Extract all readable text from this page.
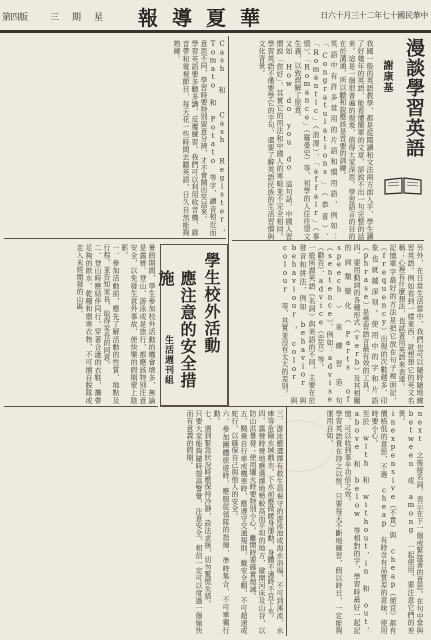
第四版 三　期　星 報導夏華	日六十月三十二年七十國民華中
漫談學習英語
謝康基

我國一般的英語教學，都是從閱讀和文法兩方面入手，學生讀了好幾年的英語，能看懂簡單的文章，卻說不出一句完整的話來。這是一個很普遍的現象，值得大家深思。學習語言的目的在於溝通，所以聽和說應該是首要的訓練。

英語中有許多常用的片語和慣用語，例如：「Congratulations」（恭喜）、「Romantic」（浪漫）、「affair」（事情）、「Romance」（羅曼史）等，初學的人往往望文生義，以致誤解了原意。

又如 How do you do 這句話，中國人習慣說「您好」，其實它的用法和中國人的寒暄並不完全相同。學習英語不僅要學它的字句，還要了解英語民族的生活習慣與文化背景。

另外，在日常生活當中，我們也可以隨時隨地練習英語。例如看到一樣東西，就想想它的英文名稱；心裡有什麼想法，也試著用英語來表達。

記憶單字最好的方法是把它放在句子裡面記，（frequency）出現的次數越多，印象也就越深刻。使用中的字和片語（phrase）是學習語言最有效的工具。

四、要用動詞的各種形式（verb）及其相關的詞類變化（Parts of speech）來練習造句（sentence），例如：advise（勸告）、advice（忠告）等。

一般所謂英語（名詞）與美語的不同，主要在於發音和拼法，例如 behavior 與 behaviour，color 與 colour 等，其實並沒有太大的差別。

next 之後接名詞，表示在下一個或緊接著的意思。在句中常與 between 或 among 一起使用，要注意它們的差異。

inexpensive（不貴）與 cheap（便宜）都有價格低的意思，不過 cheap 有時含有品質差的意味，使用時要小心。

至於 with 和 without，in 和 out，above 和 below 等相對的字，學習時最好一起記憶，可以收到事半功倍之效。

學習英語貴在持之以恆，只要每天不斷地練習，假以時日，一定能夠運用自如。

Cash 和 Cash Register，Tomato 和 Potato 等字，讀音相近而意思不同，學習時要特別留意分辨，才不會鬧出笑話來。

學習英語要多聽多講，反覆練習。我們可以利用收音機、錄音帶和電視節目，每天花一些時間去聽英語，日久自然能夠熟練。

學生校外活動
應注意的安全措施
生活週刊組

暑假期間，學生參加校外活動的機會增多，無論是露營、登山、游泳或是旅行，都應該特別注意安全，以免發生意外事故，使快樂的假期蒙上陰影。

一、參加活動前，應先了解活動的性質、地點及行程，並告知家長，取得家長的同意。

二、登山時應結伴同行，穿著合適的衣鞋，攜帶足夠的飲水、乾糧和禦寒衣物，不可擅自脫隊或走入未經開發的山區。

三、游泳應選擇有救生員看守的游泳池或海水浴場，不可到溪流、水庫等危險水域戲水。下水前應做暖身運動，身體不適時不宜下水。

四、露營時營地應選擇地勢較高而平坦的地方，避開河床及山谷，以防山洪暴發；使用爐火時要特別小心，離開時要確實熄滅。

五、騎乘自行車或機車時，應遵守交通規則，戴安全帽，不可超速或蛇行，以確保自己與他人的安全。

六、參加團體旅遊時，應服從領隊的指揮，準時集合，不可單獨行動。

七、遇到緊急狀況時應保持冷靜，設法求援，切勿驚慌失措。

只要大家能夠隨時提高警覺，注意安全，相信一定可以度過一個愉快而有意義的假期。
